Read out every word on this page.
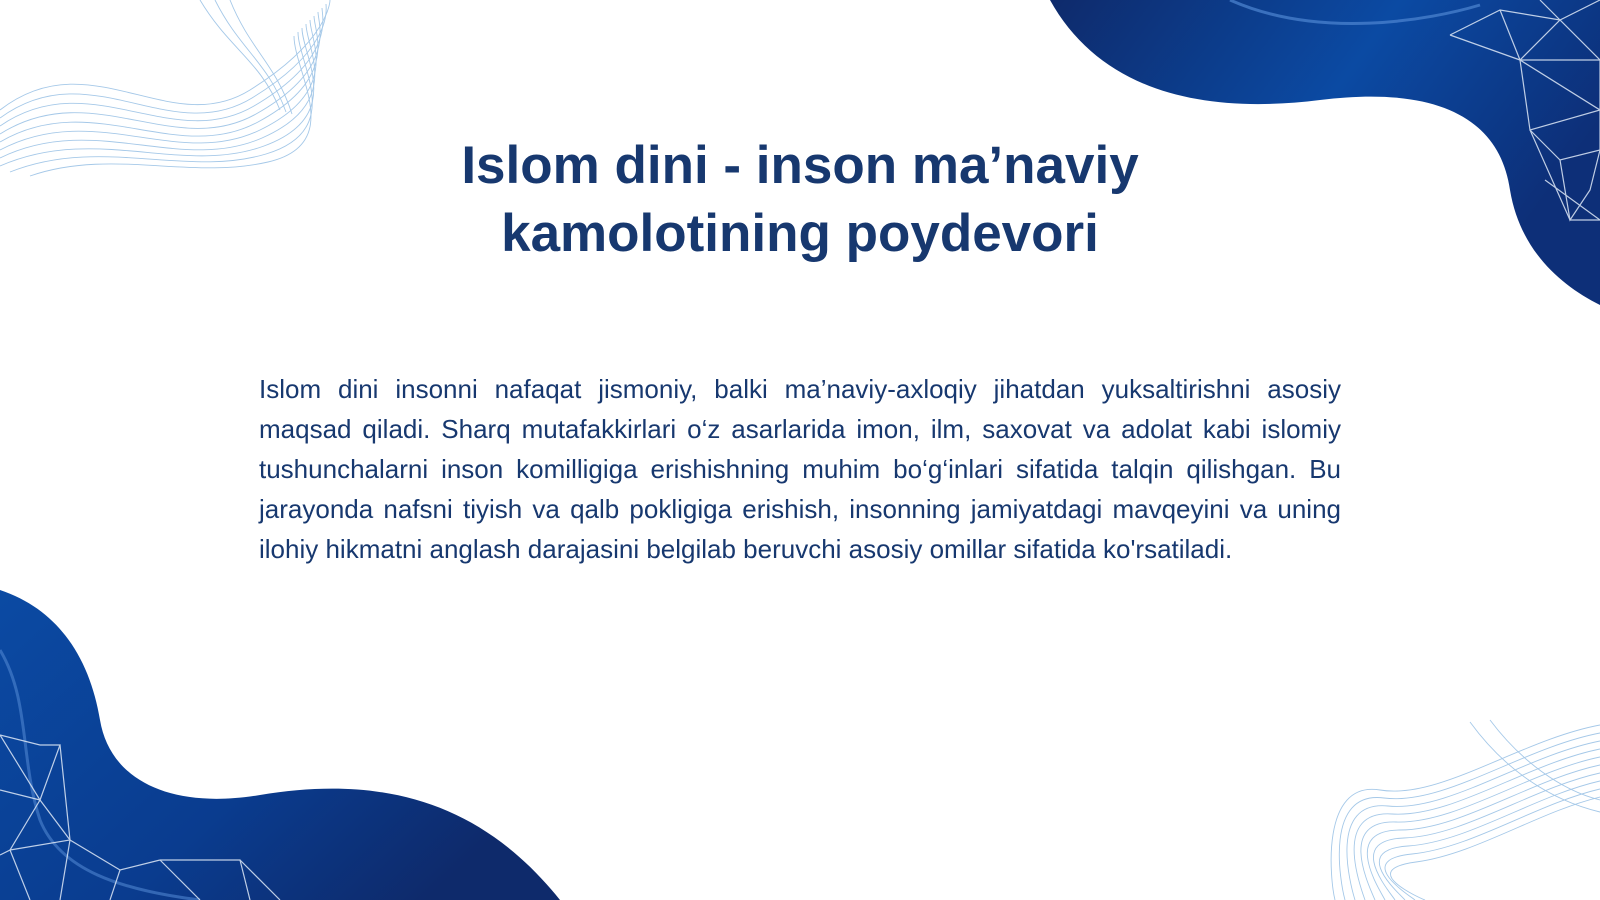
Islom dini - inson ma’naviy
kamolotining poydevori

Islom dini insonni nafaqat jismoniy, balki ma’naviy-axloqiy jihatdan yuksaltirishni asosiy maqsad qiladi. Sharq mutafakkirlari o‘z asarlarida imon, ilm, saxovat va adolat kabi islomiy tushunchalarni inson komilligiga erishishning muhim bo‘g‘inlari sifatida talqin qilishgan. Bu jarayonda nafsni tiyish va qalb pokligiga erishish, insonning jamiyatdagi mavqeyini va uning ilohiy hikmatni anglash darajasini belgilab beruvchi asosiy omillar sifatida ko'rsatiladi.
